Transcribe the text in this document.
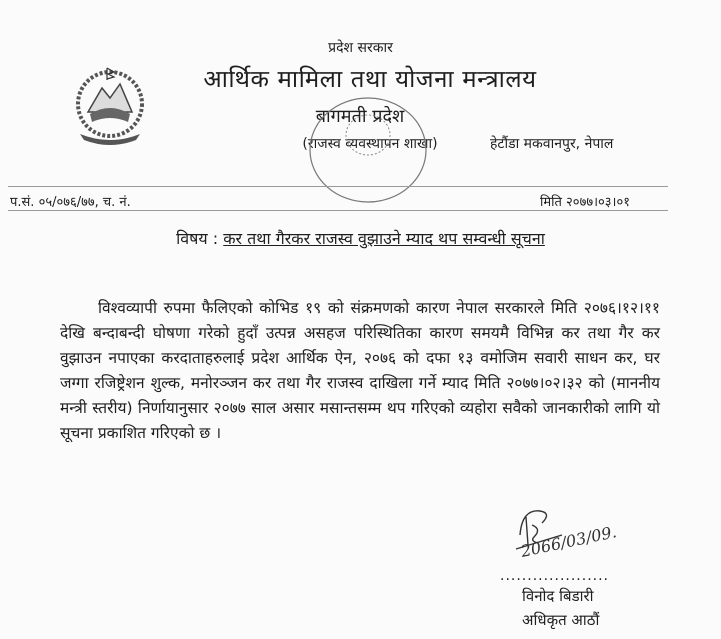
प्रदेश सरकार
आर्थिक मामिला तथा योजना मन्त्रालय
बागमती प्रदेश
(राजस्व व्यवस्थापन शाखा)	हेटौंडा मकवानपुर, नेपाल
प.सं. ०५/०७६/७७, च. नं.	मिति २०७७।०३।०१
विषय : कर तथा गैरकर राजस्व वुझाउने म्याद थप सम्वन्धी सूचना
विश्वव्यापी रुपमा फैलिएको कोभिड १९ को संक्रमणको कारण नेपाल सरकारले मिति २०७६।१२।११ देखि बन्दाबन्दी घोषणा गरेको हुदाँ उत्पन्न असहज परिस्थितिका कारण समयमै विभिन्न कर तथा गैर कर वुझाउन नपाएका करदाताहरुलाई प्रदेश आर्थिक ऐन, २०७६ को दफा १३ वमोजिम सवारी साधन कर, घर जग्गा रजिष्ट्रेशन शुल्क, मनोरञ्जन कर तथा गैर राजस्व दाखिला गर्ने म्याद मिति २०७७।०२।३२ को (माननीय मन्त्री स्तरीय) निर्णायानुसार २०७७ साल असार मसान्तसम्म थप गरिएको व्यहोरा सवैको जानकारीको लागि यो सूचना प्रकाशित गरिएको छ ।
2066/03/09.
....................
विनोद बिडारी
अधिकृत आठौं
